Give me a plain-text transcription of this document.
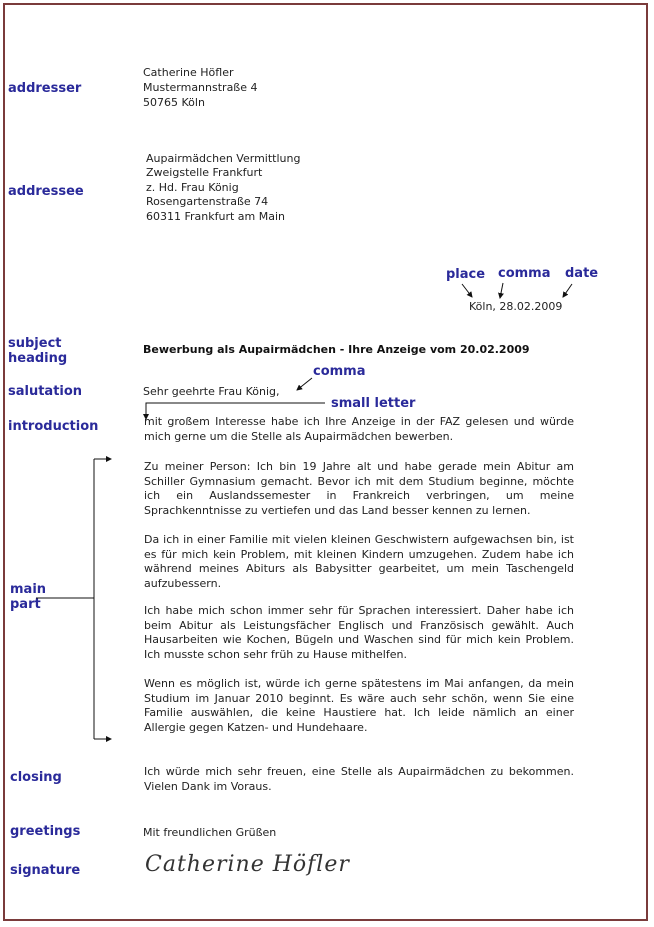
addresser
addressee
subject heading
salutation
introduction
main part
closing
greetings
signature
place comma date
comma
small letter
Catherine Höfler
Mustermannstraße 4
50765 Köln
Aupairmädchen Vermittlung
Zweigstelle Frankfurt
z. Hd. Frau König
Rosengartenstraße 74
60311 Frankfurt am Main
Köln, 28.02.2009
Bewerbung als Aupairmädchen - Ihre Anzeige vom 20.02.2009
Sehr geehrte Frau König,
mit großem Interesse habe ich Ihre Anzeige in der FAZ gelesen und würde mich gerne um die Stelle als Aupairmädchen bewerben.
Zu meiner Person: Ich bin 19 Jahre alt und habe gerade mein Abitur am Schiller Gymnasium gemacht. Bevor ich mit dem Studium beginne, möchte ich ein Auslandssemester in Frankreich verbringen, um meine Sprachkenntnisse zu vertiefen und das Land besser kennen zu lernen.
Da ich in einer Familie mit vielen kleinen Geschwistern aufgewachsen bin, ist es für mich kein Problem, mit kleinen Kindern umzugehen. Zudem habe ich während meines Abiturs als Babysitter gearbeitet, um mein Taschengeld aufzubessern.
Ich habe mich schon immer sehr für Sprachen interessiert. Daher habe ich beim Abitur als Leistungsfächer Englisch und Französisch gewählt. Auch Hausarbeiten wie Kochen, Bügeln und Waschen sind für mich kein Problem. Ich musste schon sehr früh zu Hause mithelfen.
Wenn es möglich ist, würde ich gerne spätestens im Mai anfangen, da mein Studium im Januar 2010 beginnt. Es wäre auch sehr schön, wenn Sie eine Familie auswählen, die keine Haustiere hat. Ich leide nämlich an einer Allergie gegen Katzen- und Hundehaare.
Ich würde mich sehr freuen, eine Stelle als Aupairmädchen zu bekommen. Vielen Dank im Voraus.
Mit freundlichen Grüßen
Catherine Höfler
